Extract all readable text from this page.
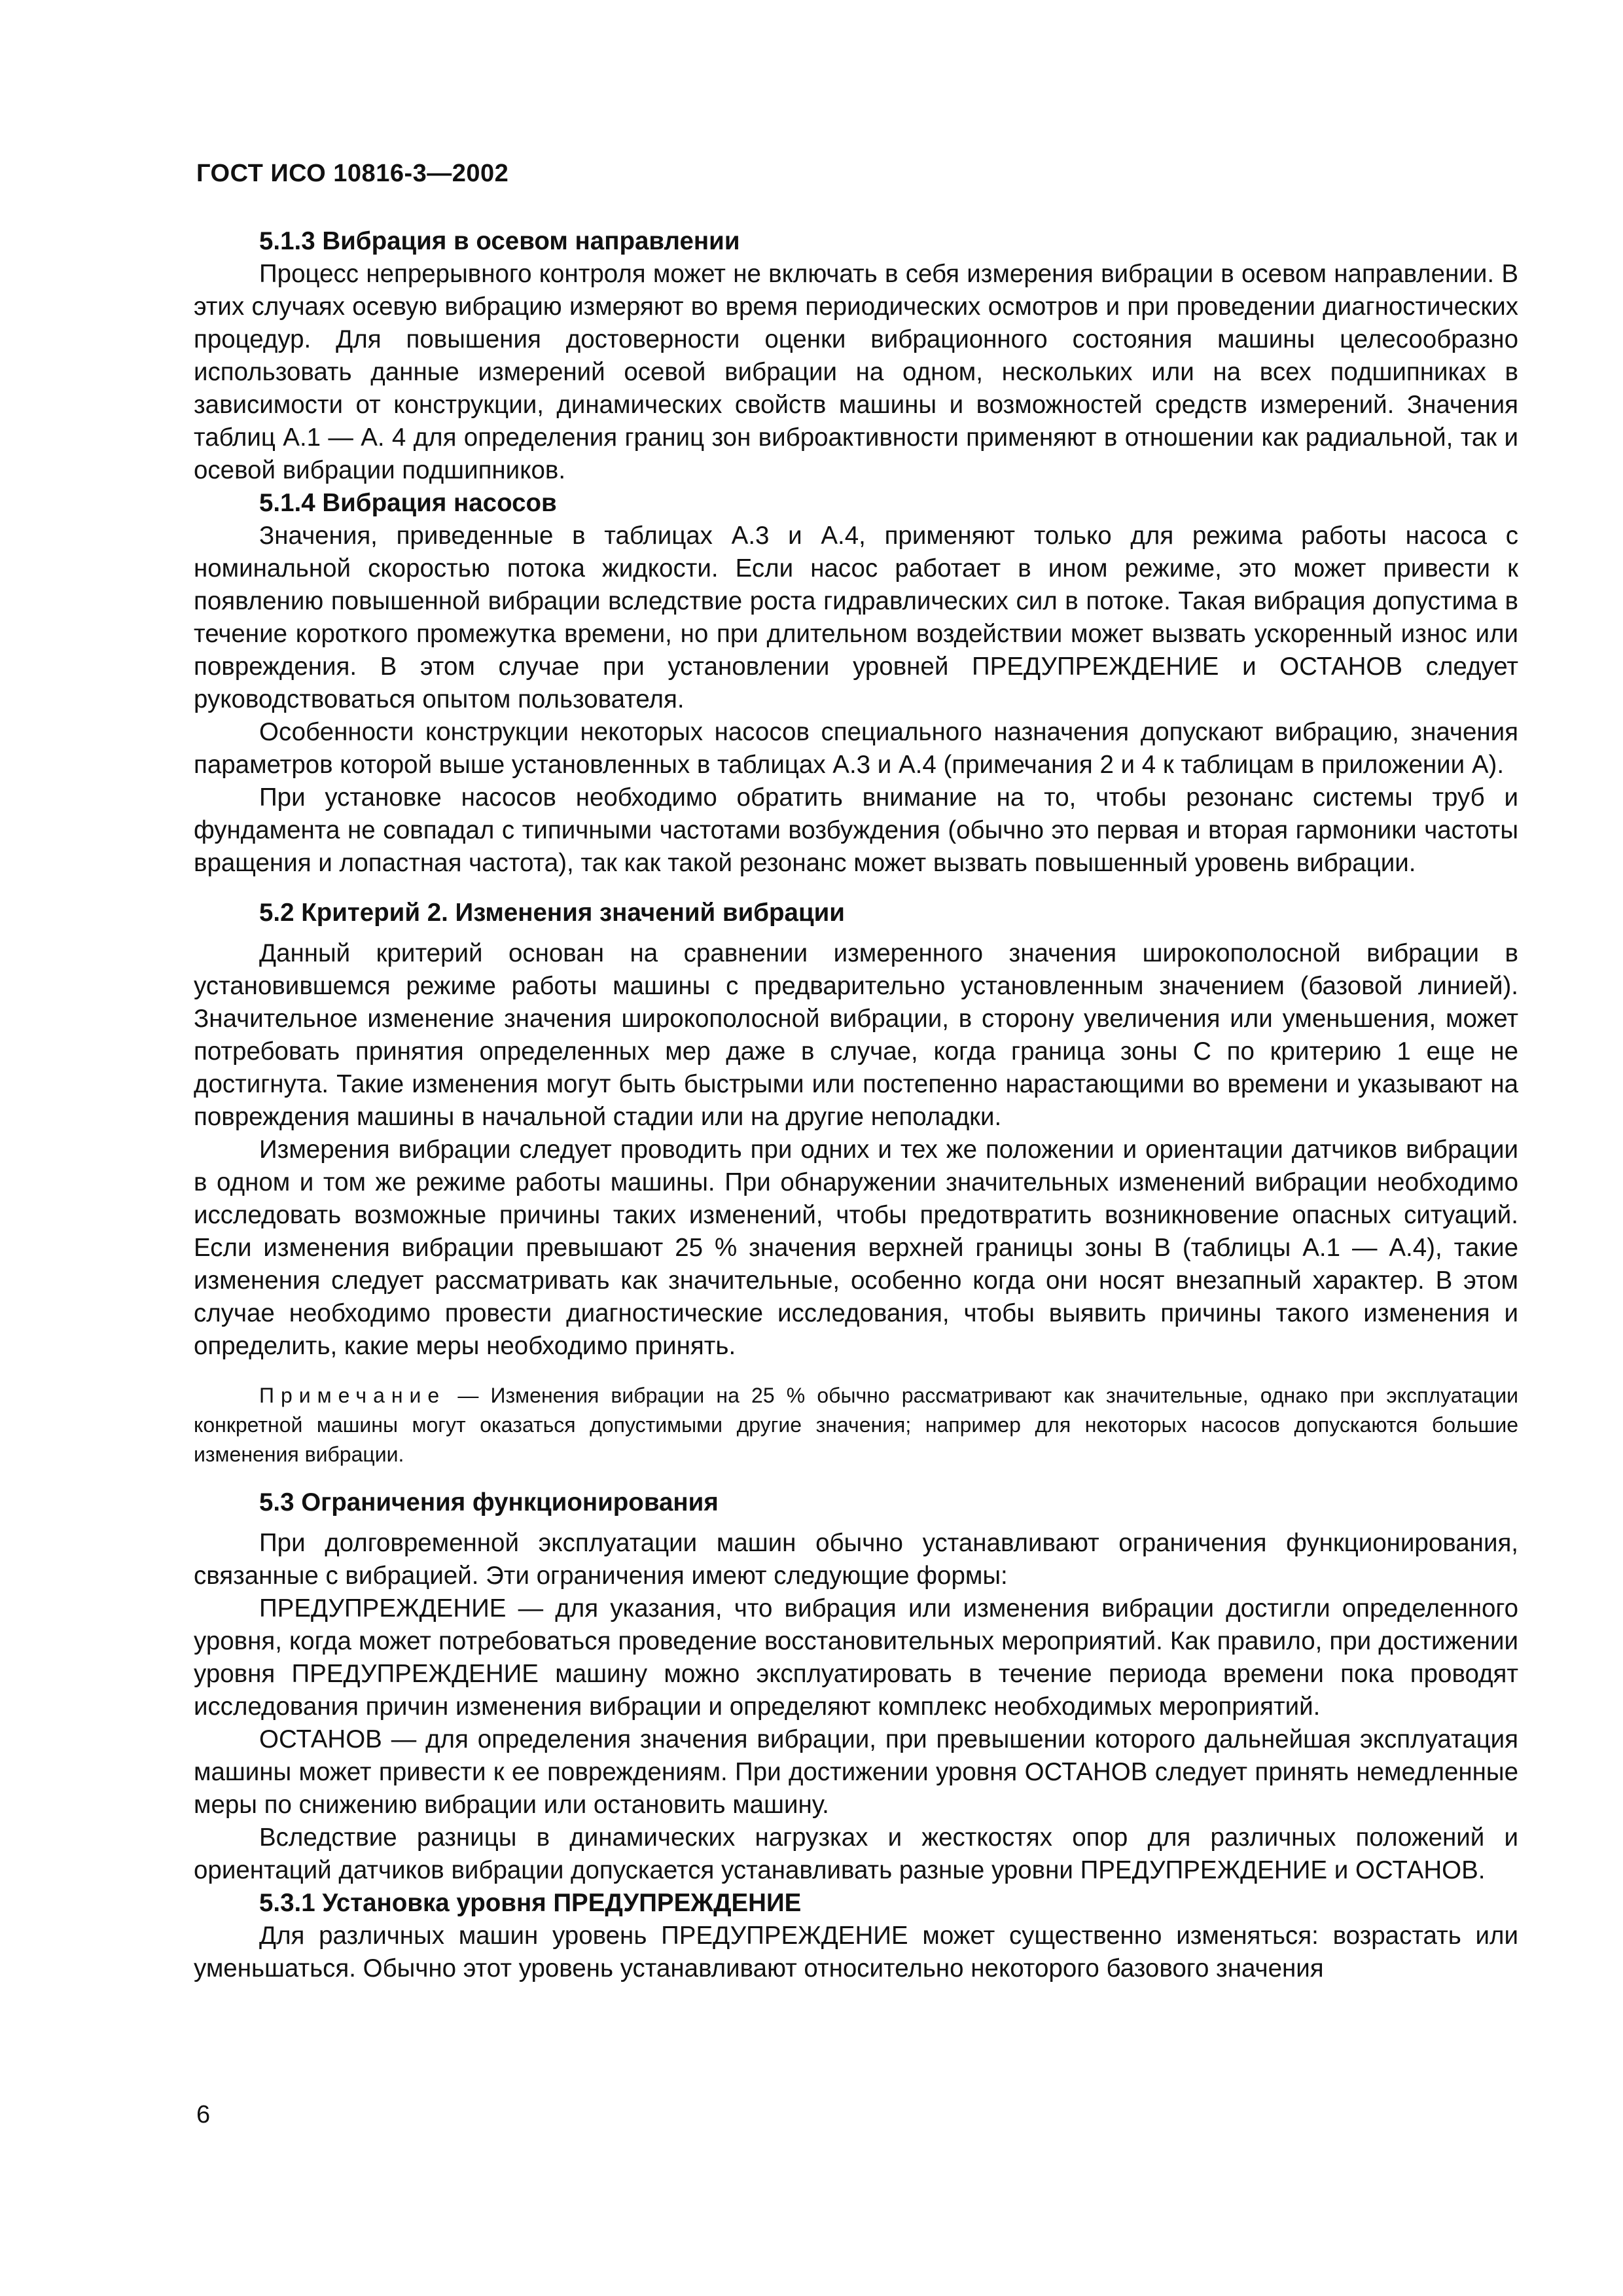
ГОСТ ИСО 10816-3—2002

5.1.3 Вибрация в осевом направлении

Процесс непрерывного контроля может не включать в себя измерения вибрации в осевом направлении. В этих случаях осевую вибрацию измеряют во время периодических осмотров и при проведении диагностических процедур. Для повышения достоверности оценки вибрационного состояния машины целесообразно использовать данные измерений осевой вибрации на одном, нескольких или на всех подшипниках в зависимости от конструкции, динамических свойств машины и возможностей средств измерений. Значения таблиц А.1 — А. 4 для определения границ зон виброактивности применяют в отношении как радиальной, так и осевой вибрации подшипников.

5.1.4 Вибрация насосов

Значения, приведенные в таблицах А.3 и А.4, применяют только для режима работы насоса с номинальной скоростью потока жидкости. Если насос работает в ином режиме, это может привести к появлению повышенной вибрации вследствие роста гидравлических сил в потоке. Такая вибрация допустима в течение короткого промежутка времени, но при длительном воздействии может вызвать ускоренный износ или повреждения. В этом случае при установлении уровней ПРЕДУПРЕЖДЕНИЕ и ОСТАНОВ следует руководствоваться опытом пользователя.

Особенности конструкции некоторых насосов специального назначения допускают вибрацию, значения параметров которой выше установленных в таблицах А.3 и А.4 (примечания 2 и 4 к таблицам в приложении А).

При установке насосов необходимо обратить внимание на то, чтобы резонанс системы труб и фундамента не совпадал с типичными частотами возбуждения (обычно это первая и вторая гармоники частоты вращения и лопастная частота), так как такой резонанс может вызвать повышенный уровень вибрации.

5.2 Критерий 2. Изменения значений вибрации

Данный критерий основан на сравнении измеренного значения широкополосной вибрации в установившемся режиме работы машины с предварительно установленным значением (базовой линией). Значительное изменение значения широкополосной вибрации, в сторону увеличения или уменьшения, может потребовать принятия определенных мер даже в случае, когда граница зоны С по критерию 1 еще не достигнута. Такие изменения могут быть быстрыми или постепенно нарастающими во времени и указывают на повреждения машины в начальной стадии или на другие неполадки.

Измерения вибрации следует проводить при одних и тех же положении и ориентации датчиков вибрации в одном и том же режиме работы машины. При обнаружении значительных изменений вибрации необходимо исследовать возможные причины таких изменений, чтобы предотвратить возникновение опасных ситуаций. Если изменения вибрации превышают 25 % значения верхней границы зоны В (таблицы А.1 — А.4), такие изменения следует рассматривать как значительные, особенно когда они носят внезапный характер. В этом случае необходимо провести диагностические исследования, чтобы выявить причины такого изменения и определить, какие меры необходимо принять.

Примечание — Изменения вибрации на 25 % обычно рассматривают как значительные, однако при эксплуатации конкретной машины могут оказаться допустимыми другие значения; например для некоторых насосов допускаются большие изменения вибрации.

5.3 Ограничения функционирования

При долговременной эксплуатации машин обычно устанавливают ограничения функционирования, связанные с вибрацией. Эти ограничения имеют следующие формы:

ПРЕДУПРЕЖДЕНИЕ — для указания, что вибрация или изменения вибрации достигли определенного уровня, когда может потребоваться проведение восстановительных мероприятий. Как правило, при достижении уровня ПРЕДУПРЕЖДЕНИЕ машину можно эксплуатировать в течение периода времени пока проводят исследования причин изменения вибрации и определяют комплекс необходимых мероприятий.

ОСТАНОВ — для определения значения вибрации, при превышении которого дальнейшая эксплуатация машины может привести к ее повреждениям. При достижении уровня ОСТАНОВ следует принять немедленные меры по снижению вибрации или остановить машину.

Вследствие разницы в динамических нагрузках и жесткостях опор для различных положений и ориентаций датчиков вибрации допускается устанавливать разные уровни ПРЕДУПРЕЖДЕНИЕ и ОСТАНОВ.

5.3.1 Установка уровня ПРЕДУПРЕЖДЕНИЕ

Для различных машин уровень ПРЕДУПРЕЖДЕНИЕ может существенно изменяться: возрастать или уменьшаться. Обычно этот уровень устанавливают относительно некоторого базового значения

6
